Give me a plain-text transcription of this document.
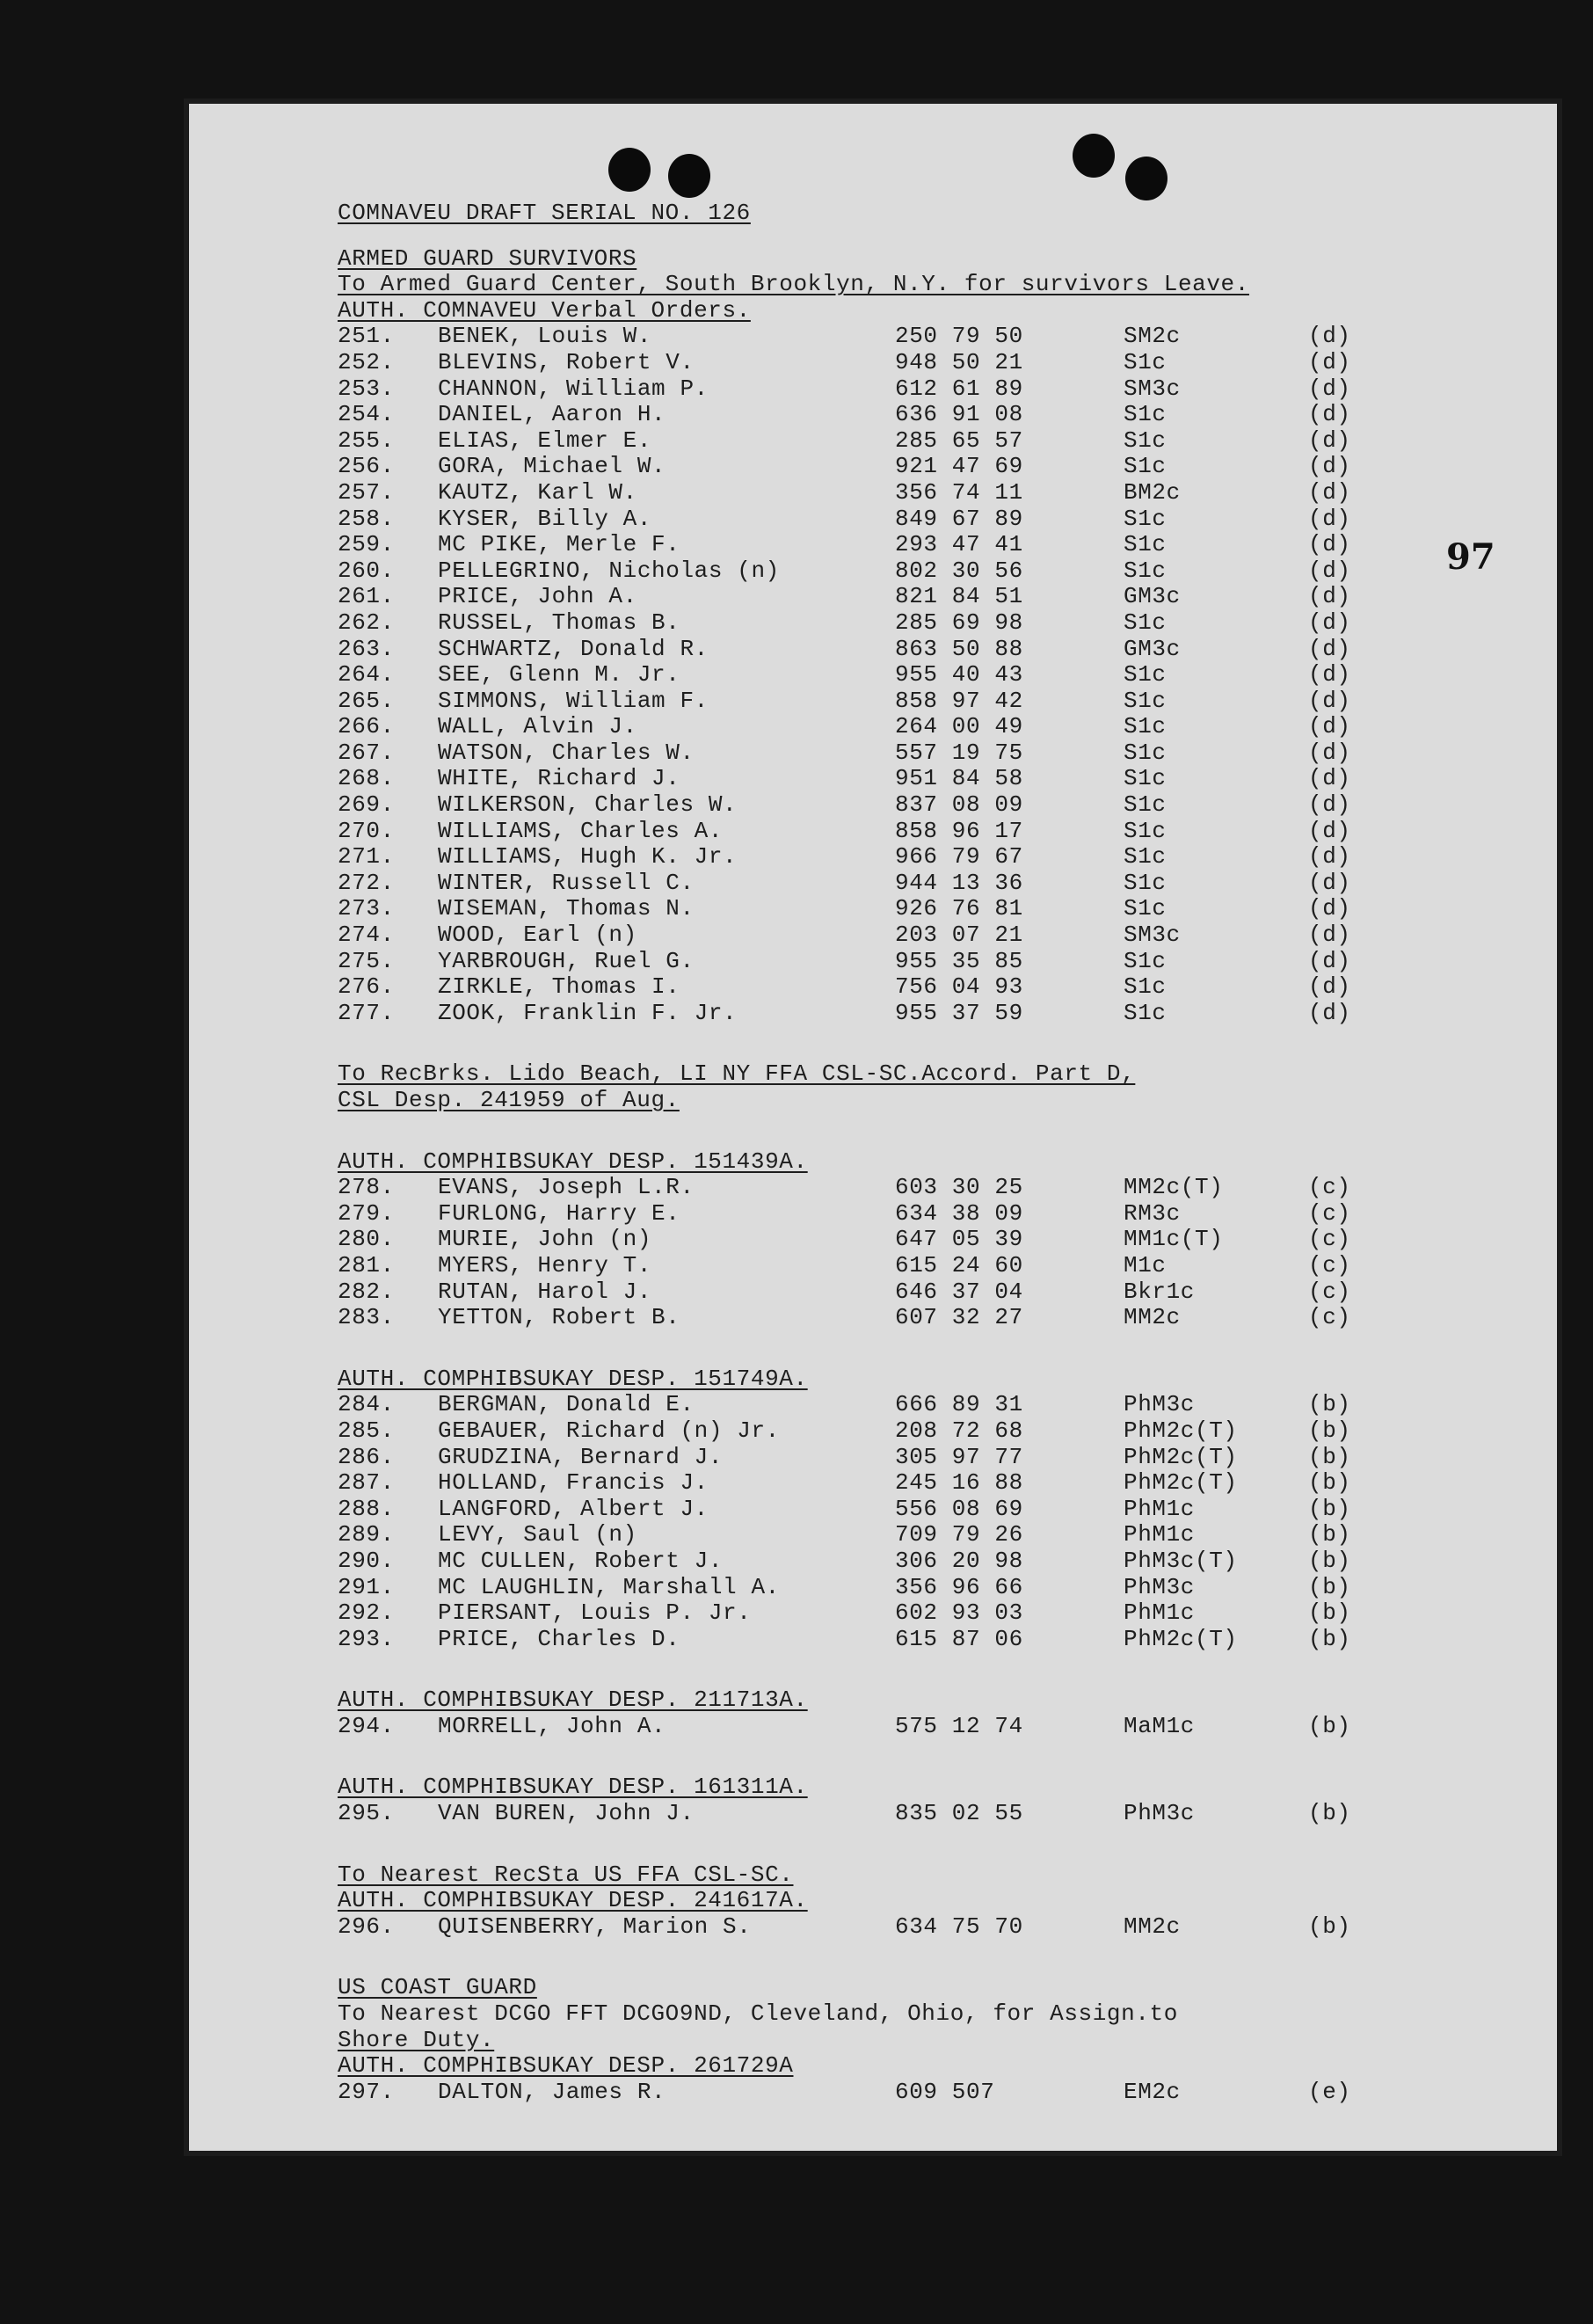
97
COMNAVEU DRAFT SERIAL NO. 126
ARMED GUARD SURVIVORS
To Armed Guard Center, South Brooklyn, N.Y. for survivors Leave.
AUTH. COMNAVEU Verbal Orders.
251.	BENEK, Louis W.	250 79 50	SM2c	(d)
252.	BLEVINS, Robert V.	948 50 21	S1c	(d)
253.	CHANNON, William P.	612 61 89	SM3c	(d)
254.	DANIEL, Aaron H.	636 91 08	S1c	(d)
255.	ELIAS, Elmer E.	285 65 57	S1c	(d)
256.	GORA, Michael W.	921 47 69	S1c	(d)
257.	KAUTZ, Karl W.	356 74 11	BM2c	(d)
258.	KYSER, Billy A.	849 67 89	S1c	(d)
259.	MC PIKE, Merle F.	293 47 41	S1c	(d)
260.	PELLEGRINO, Nicholas (n)	802 30 56	S1c	(d)
261.	PRICE, John A.	821 84 51	GM3c	(d)
262.	RUSSEL, Thomas B.	285 69 98	S1c	(d)
263.	SCHWARTZ, Donald R.	863 50 88	GM3c	(d)
264.	SEE, Glenn M. Jr.	955 40 43	S1c	(d)
265.	SIMMONS, William F.	858 97 42	S1c	(d)
266.	WALL, Alvin J.	264 00 49	S1c	(d)
267.	WATSON, Charles W.	557 19 75	S1c	(d)
268.	WHITE, Richard J.	951 84 58	S1c	(d)
269.	WILKERSON, Charles W.	837 08 09	S1c	(d)
270.	WILLIAMS, Charles A.	858 96 17	S1c	(d)
271.	WILLIAMS, Hugh K. Jr.	966 79 67	S1c	(d)
272.	WINTER, Russell C.	944 13 36	S1c	(d)
273.	WISEMAN, Thomas N.	926 76 81	S1c	(d)
274.	WOOD, Earl (n)	203 07 21	SM3c	(d)
275.	YARBROUGH, Ruel G.	955 35 85	S1c	(d)
276.	ZIRKLE, Thomas I.	756 04 93	S1c	(d)
277.	ZOOK, Franklin F. Jr.	955 37 59	S1c	(d)
To RecBrks. Lido Beach, LI NY FFA CSL-SC.Accord. Part D,
CSL Desp. 241959 of Aug.
AUTH. COMPHIBSUKAY DESP. 151439A.
278.	EVANS, Joseph L.R.	603 30 25	MM2c(T)	(c)
279.	FURLONG, Harry E.	634 38 09	RM3c	(c)
280.	MURIE, John (n)	647 05 39	MM1c(T)	(c)
281.	MYERS, Henry T.	615 24 60	M1c	(c)
282.	RUTAN, Harol J.	646 37 04	Bkr1c	(c)
283.	YETTON, Robert B.	607 32 27	MM2c	(c)
AUTH. COMPHIBSUKAY DESP. 151749A.
284.	BERGMAN, Donald E.	666 89 31	PhM3c	(b)
285.	GEBAUER, Richard (n) Jr.	208 72 68	PhM2c(T)	(b)
286.	GRUDZINA, Bernard J.	305 97 77	PhM2c(T)	(b)
287.	HOLLAND, Francis J.	245 16 88	PhM2c(T)	(b)
288.	LANGFORD, Albert J.	556 08 69	PhM1c	(b)
289.	LEVY, Saul (n)	709 79 26	PhM1c	(b)
290.	MC CULLEN, Robert J.	306 20 98	PhM3c(T)	(b)
291.	MC LAUGHLIN, Marshall A.	356 96 66	PhM3c	(b)
292.	PIERSANT, Louis P. Jr.	602 93 03	PhM1c	(b)
293.	PRICE, Charles D.	615 87 06	PhM2c(T)	(b)
AUTH. COMPHIBSUKAY DESP. 211713A.
294.	MORRELL, John A.	575 12 74	MaM1c	(b)
AUTH. COMPHIBSUKAY DESP. 161311A.
295.	VAN BUREN, John J.	835 02 55	PhM3c	(b)
To Nearest RecSta US FFA CSL-SC.
AUTH. COMPHIBSUKAY DESP. 241617A.
296.	QUISENBERRY, Marion S.	634 75 70	MM2c	(b)
US COAST GUARD
To Nearest DCGO FFT DCGO9ND, Cleveland, Ohio, for Assign.to
Shore Duty.
AUTH. COMPHIBSUKAY DESP. 261729A
297.	DALTON, James R.	609 507	EM2c	(e)
